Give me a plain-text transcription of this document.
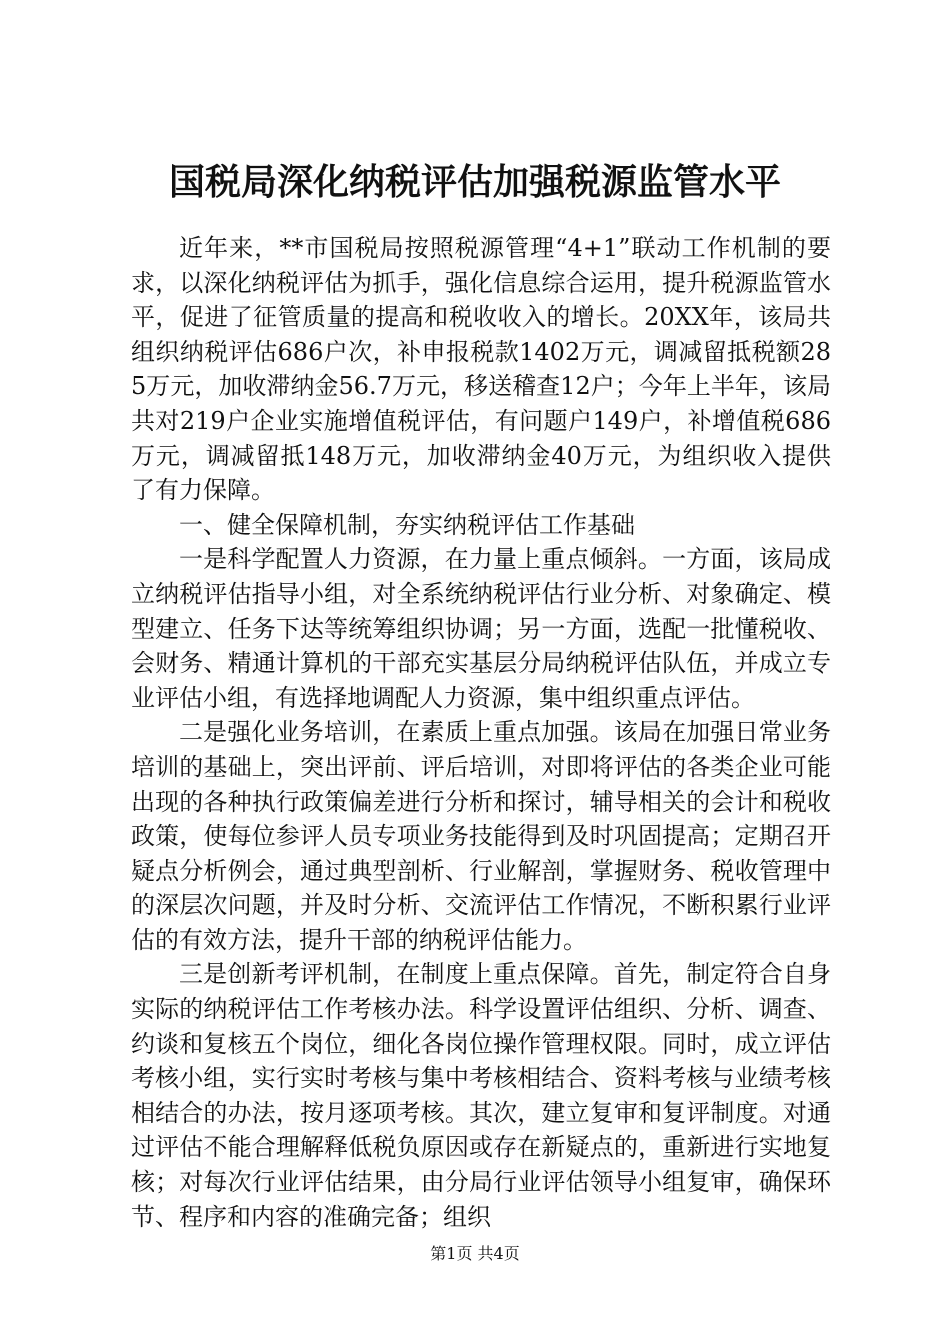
国税局深化纳税评估加强税源监管水平

近年来，**市国税局按照税源管理“4+1”联动工作机制的要求，以深化纳税评估为抓手，强化信息综合运用，提升税源监管水平，促进了征管质量的提高和税收收入的增长。20XX年，该局共组织纳税评估686户次，补申报税款1402万元，调减留抵税额285万元，加收滞纳金56.7万元，移送稽查12户；今年上半年，该局共对219户企业实施增值税评估，有问题户149户，补增值税686万元，调减留抵148万元，加收滞纳金40万元，为组织收入提供了有力保障。

一、健全保障机制，夯实纳税评估工作基础

一是科学配置人力资源，在力量上重点倾斜。一方面，该局成立纳税评估指导小组，对全系统纳税评估行业分析、对象确定、模型建立、任务下达等统筹组织协调；另一方面，选配一批懂税收、会财务、精通计算机的干部充实基层分局纳税评估队伍，并成立专业评估小组，有选择地调配人力资源，集中组织重点评估。

二是强化业务培训，在素质上重点加强。该局在加强日常业务培训的基础上，突出评前、评后培训，对即将评估的各类企业可能出现的各种执行政策偏差进行分析和探讨，辅导相关的会计和税收政策，使每位参评人员专项业务技能得到及时巩固提高；定期召开疑点分析例会，通过典型剖析、行业解剖，掌握财务、税收管理中的深层次问题，并及时分析、交流评估工作情况，不断积累行业评估的有效方法，提升干部的纳税评估能力。

三是创新考评机制，在制度上重点保障。首先，制定符合自身实际的纳税评估工作考核办法。科学设置评估组织、分析、调查、约谈和复核五个岗位，细化各岗位操作管理权限。同时，成立评估考核小组，实行实时考核与集中考核相结合、资料考核与业绩考核相结合的办法，按月逐项考核。其次，建立复审和复评制度。对通过评估不能合理解释低税负原因或存在新疑点的，重新进行实地复核；对每次行业评估结果，由分局行业评估领导小组复审，确保环节、程序和内容的准确完备；组织

第1页 共4页
